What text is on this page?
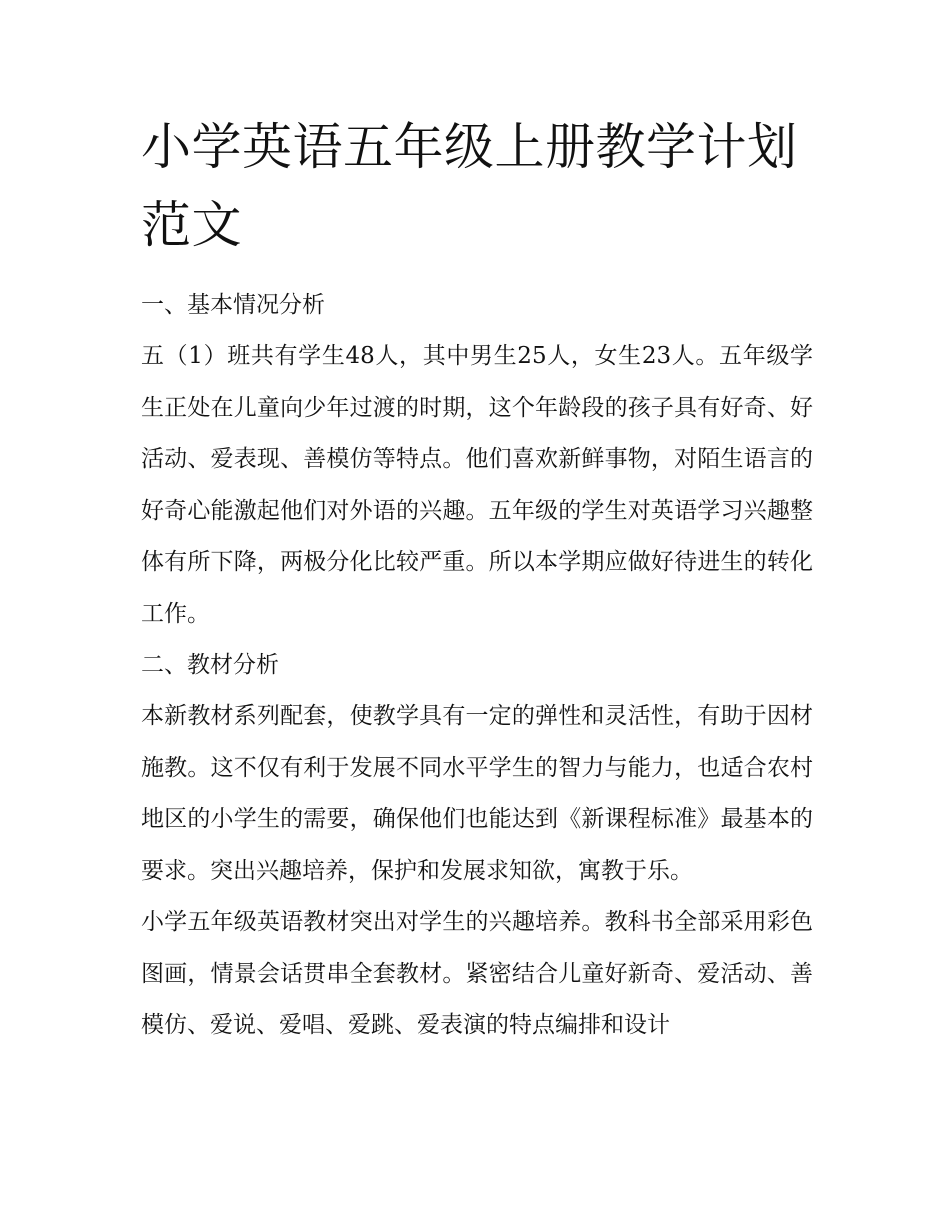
小学英语五年级上册教学计划范文
一、基本情况分析

五（1）班共有学生48人，其中男生25人，女生23人。五年级学生正处在儿童向少年过渡的时期，这个年龄段的孩子具有好奇、好活动、爱表现、善模仿等特点。他们喜欢新鲜事物，对陌生语言的好奇心能激起他们对外语的兴趣。五年级的学生对英语学习兴趣整体有所下降，两极分化比较严重。所以本学期应做好待进生的转化工作。

二、教材分析

本新教材系列配套，使教学具有一定的弹性和灵活性，有助于因材施教。这不仅有利于发展不同水平学生的智力与能力，也适合农村地区的小学生的需要，确保他们也能达到《新课程标准》最基本的要求。突出兴趣培养，保护和发展求知欲，寓教于乐。

小学五年级英语教材突出对学生的兴趣培养。教科书全部采用彩色图画，情景会话贯串全套教材。紧密结合儿童好新奇、爱活动、善模仿、爱说、爱唱、爱跳、爱表演的特点编排和设计
